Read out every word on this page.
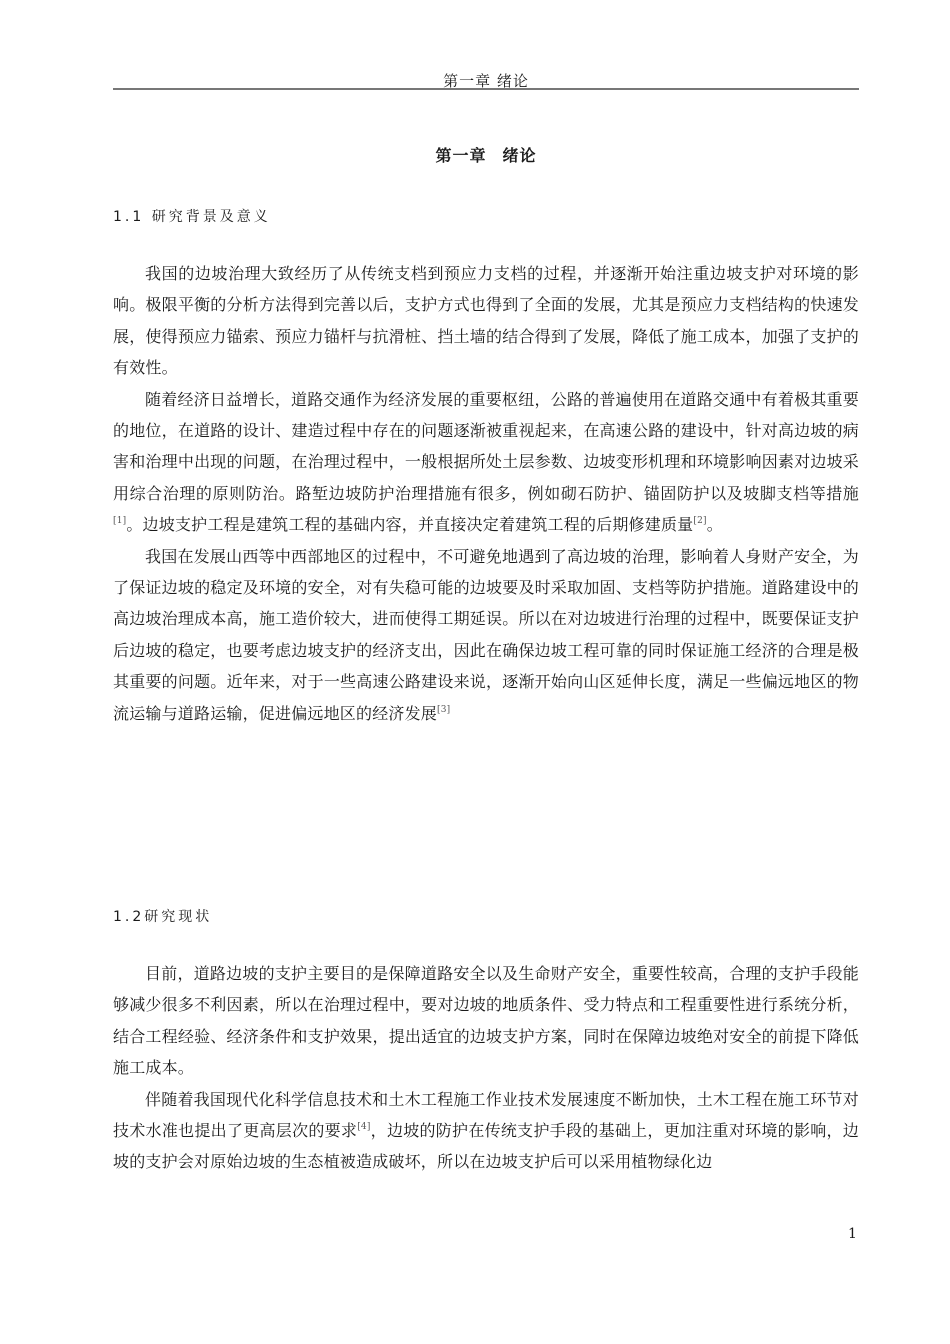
第一章 绪论
第一章 绪论
1.1 研究背景及意义

我国的边坡治理大致经历了从传统支档到预应力支档的过程，并逐渐开始注重边坡支护对环境的影响。极限平衡的分析方法得到完善以后，支护方式也得到了全面的发展，尤其是预应力支档结构的快速发展，使得预应力锚索、预应力锚杆与抗滑桩、挡土墙的结合得到了发展，降低了施工成本，加强了支护的有效性。

随着经济日益增长，道路交通作为经济发展的重要枢纽，公路的普遍使用在道路交通中有着极其重要的地位，在道路的设计、建造过程中存在的问题逐渐被重视起来，在高速公路的建设中，针对高边坡的病害和治理中出现的问题，在治理过程中，一般根据所处土层参数、边坡变形机理和环境影响因素对边坡采用综合治理的原则防治。路堑边坡防护治理措施有很多，例如砌石防护、锚固防护以及坡脚支档等措施[1]。边坡支护工程是建筑工程的基础内容，并直接决定着建筑工程的后期修建质量[2]。

我国在发展山西等中西部地区的过程中，不可避免地遇到了高边坡的治理，影响着人身财产安全，为了保证边坡的稳定及环境的安全，对有失稳可能的边坡要及时采取加固、支档等防护措施。道路建设中的高边坡治理成本高，施工造价较大，进而使得工期延误。所以在对边坡进行治理的过程中，既要保证支护后边坡的稳定，也要考虑边坡支护的经济支出，因此在确保边坡工程可靠的同时保证施工经济的合理是极其重要的问题。近年来，对于一些高速公路建设来说，逐渐开始向山区延伸长度，满足一些偏远地区的物流运输与道路运输，促进偏远地区的经济发展[3]

1.2研究现状

目前，道路边坡的支护主要目的是保障道路安全以及生命财产安全，重要性较高，合理的支护手段能够减少很多不利因素，所以在治理过程中，要对边坡的地质条件、受力特点和工程重要性进行系统分析，结合工程经验、经济条件和支护效果，提出适宜的边坡支护方案，同时在保障边坡绝对安全的前提下降低施工成本。

伴随着我国现代化科学信息技术和土木工程施工作业技术发展速度不断加快，土木工程在施工环节对技术水准也提出了更高层次的要求[4]，边坡的防护在传统支护手段的基础上，更加注重对环境的影响，边坡的支护会对原始边坡的生态植被造成破坏，所以在边坡支护后可以采用植物绿化边

1
